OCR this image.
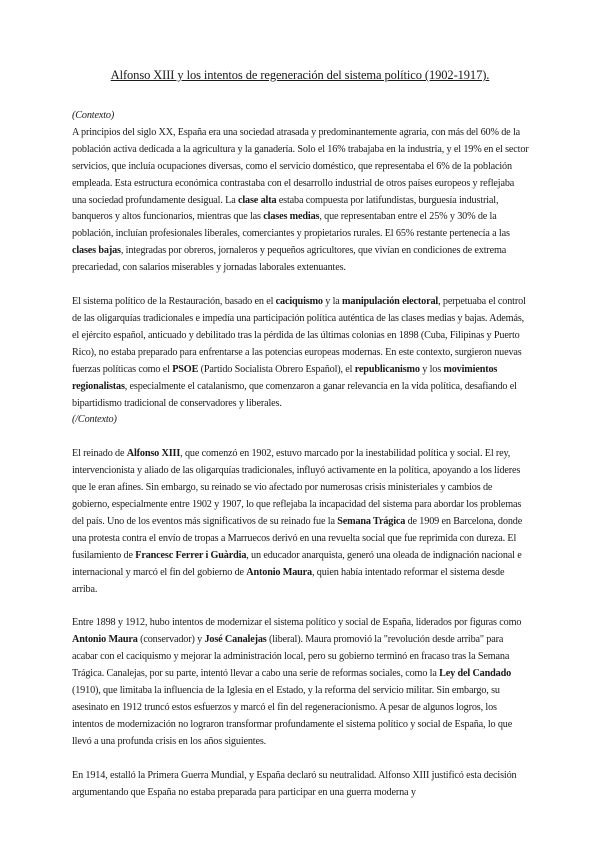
Alfonso XIII y los intentos de regeneración del sistema político (1902-1917).

(Contexto)

A principios del siglo XX, España era una sociedad atrasada y predominantemente agraria, con más del 60% de la población activa dedicada a la agricultura y la ganadería. Solo el 16% trabajaba en la industria, y el 19% en el sector servicios, que incluía ocupaciones diversas, como el servicio doméstico, que representaba el 6% de la población empleada. Esta estructura económica contrastaba con el desarrollo industrial de otros países europeos y reflejaba una sociedad profundamente desigual. La clase alta estaba compuesta por latifundistas, burguesía industrial, banqueros y altos funcionarios, mientras que las clases medias, que representaban entre el 25% y 30% de la población, incluían profesionales liberales, comerciantes y propietarios rurales. El 65% restante pertenecía a las clases bajas, integradas por obreros, jornaleros y pequeños agricultores, que vivían en condiciones de extrema precariedad, con salarios miserables y jornadas laborales extenuantes.

El sistema político de la Restauración, basado en el caciquismo y la manipulación electoral, perpetuaba el control de las oligarquías tradicionales e impedía una participación política auténtica de las clases medias y bajas. Además, el ejército español, anticuado y debilitado tras la pérdida de las últimas colonias en 1898 (Cuba, Filipinas y Puerto Rico), no estaba preparado para enfrentarse a las potencias europeas modernas. En este contexto, surgieron nuevas fuerzas políticas como el PSOE (Partido Socialista Obrero Español), el republicanismo y los movimientos regionalistas, especialmente el catalanismo, que comenzaron a ganar relevancia en la vida política, desafiando el bipartidismo tradicional de conservadores y liberales.

(/Contexto)

El reinado de Alfonso XIII, que comenzó en 1902, estuvo marcado por la inestabilidad política y social. El rey, intervencionista y aliado de las oligarquías tradicionales, influyó activamente en la política, apoyando a los líderes que le eran afines. Sin embargo, su reinado se vio afectado por numerosas crisis ministeriales y cambios de gobierno, especialmente entre 1902 y 1907, lo que reflejaba la incapacidad del sistema para abordar los problemas del país. Uno de los eventos más significativos de su reinado fue la Semana Trágica de 1909 en Barcelona, donde una protesta contra el envío de tropas a Marruecos derivó en una revuelta social que fue reprimida con dureza. El fusilamiento de Francesc Ferrer i Guàrdia, un educador anarquista, generó una oleada de indignación nacional e internacional y marcó el fin del gobierno de Antonio Maura, quien había intentado reformar el sistema desde arriba.

Entre 1898 y 1912, hubo intentos de modernizar el sistema político y social de España, liderados por figuras como Antonio Maura (conservador) y José Canalejas (liberal). Maura promovió la "revolución desde arriba" para acabar con el caciquismo y mejorar la administración local, pero su gobierno terminó en fracaso tras la Semana Trágica. Canalejas, por su parte, intentó llevar a cabo una serie de reformas sociales, como la Ley del Candado (1910), que limitaba la influencia de la Iglesia en el Estado, y la reforma del servicio militar. Sin embargo, su asesinato en 1912 truncó estos esfuerzos y marcó el fin del regeneracionismo. A pesar de algunos logros, los intentos de modernización no lograron transformar profundamente el sistema político y social de España, lo que llevó a una profunda crisis en los años siguientes.

En 1914, estalló la Primera Guerra Mundial, y España declaró su neutralidad. Alfonso XIII justificó esta decisión argumentando que España no estaba preparada para participar en una guerra moderna y
